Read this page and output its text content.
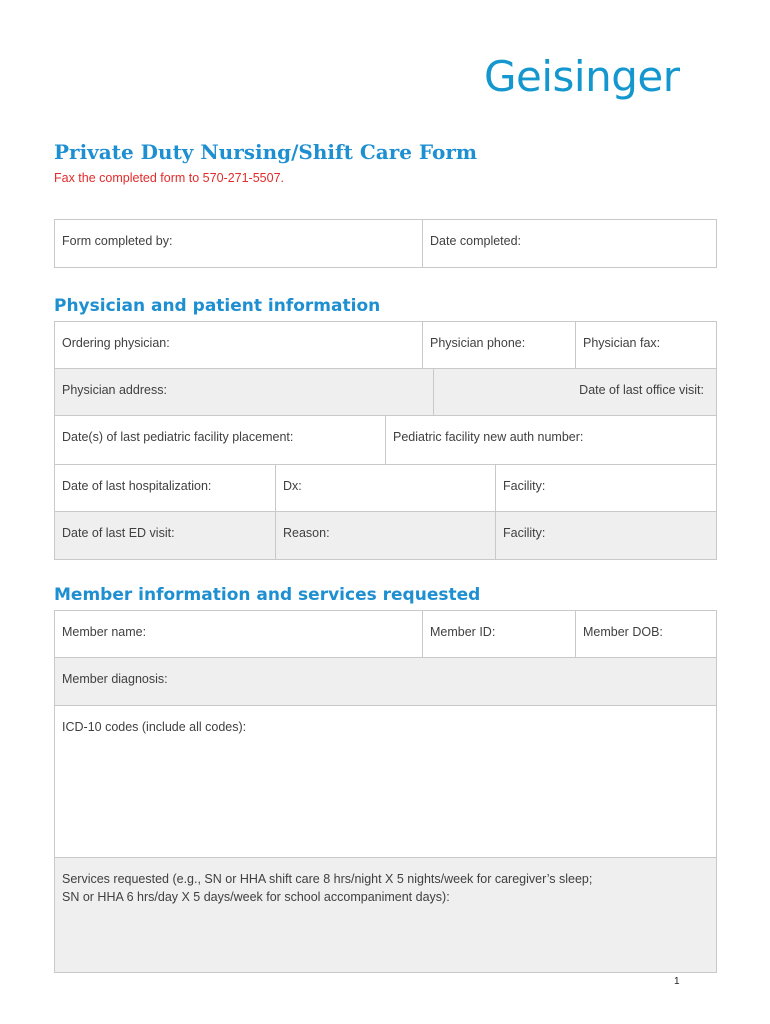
Geisinger
Private Duty Nursing/Shift Care Form
Fax the completed form to 570-271-5507.
Form completed by:	Date completed:
Physician and patient information
Ordering physician:	Physician phone:	Physician fax:
Physician address:	Date of last office visit:
Date(s) of last pediatric facility placement:	Pediatric facility new auth number:
Date of last hospitalization:	Dx:	Facility:
Date of last ED visit:	Reason:	Facility:
Member information and services requested
Member name:	Member ID:	Member DOB:
Member diagnosis:
ICD-10 codes (include all codes):
Services requested (e.g., SN or HHA shift care 8 hrs/night X 5 nights/week for caregiver’s sleep;
SN or HHA 6 hrs/day X 5 days/week for school accompaniment days):
1
